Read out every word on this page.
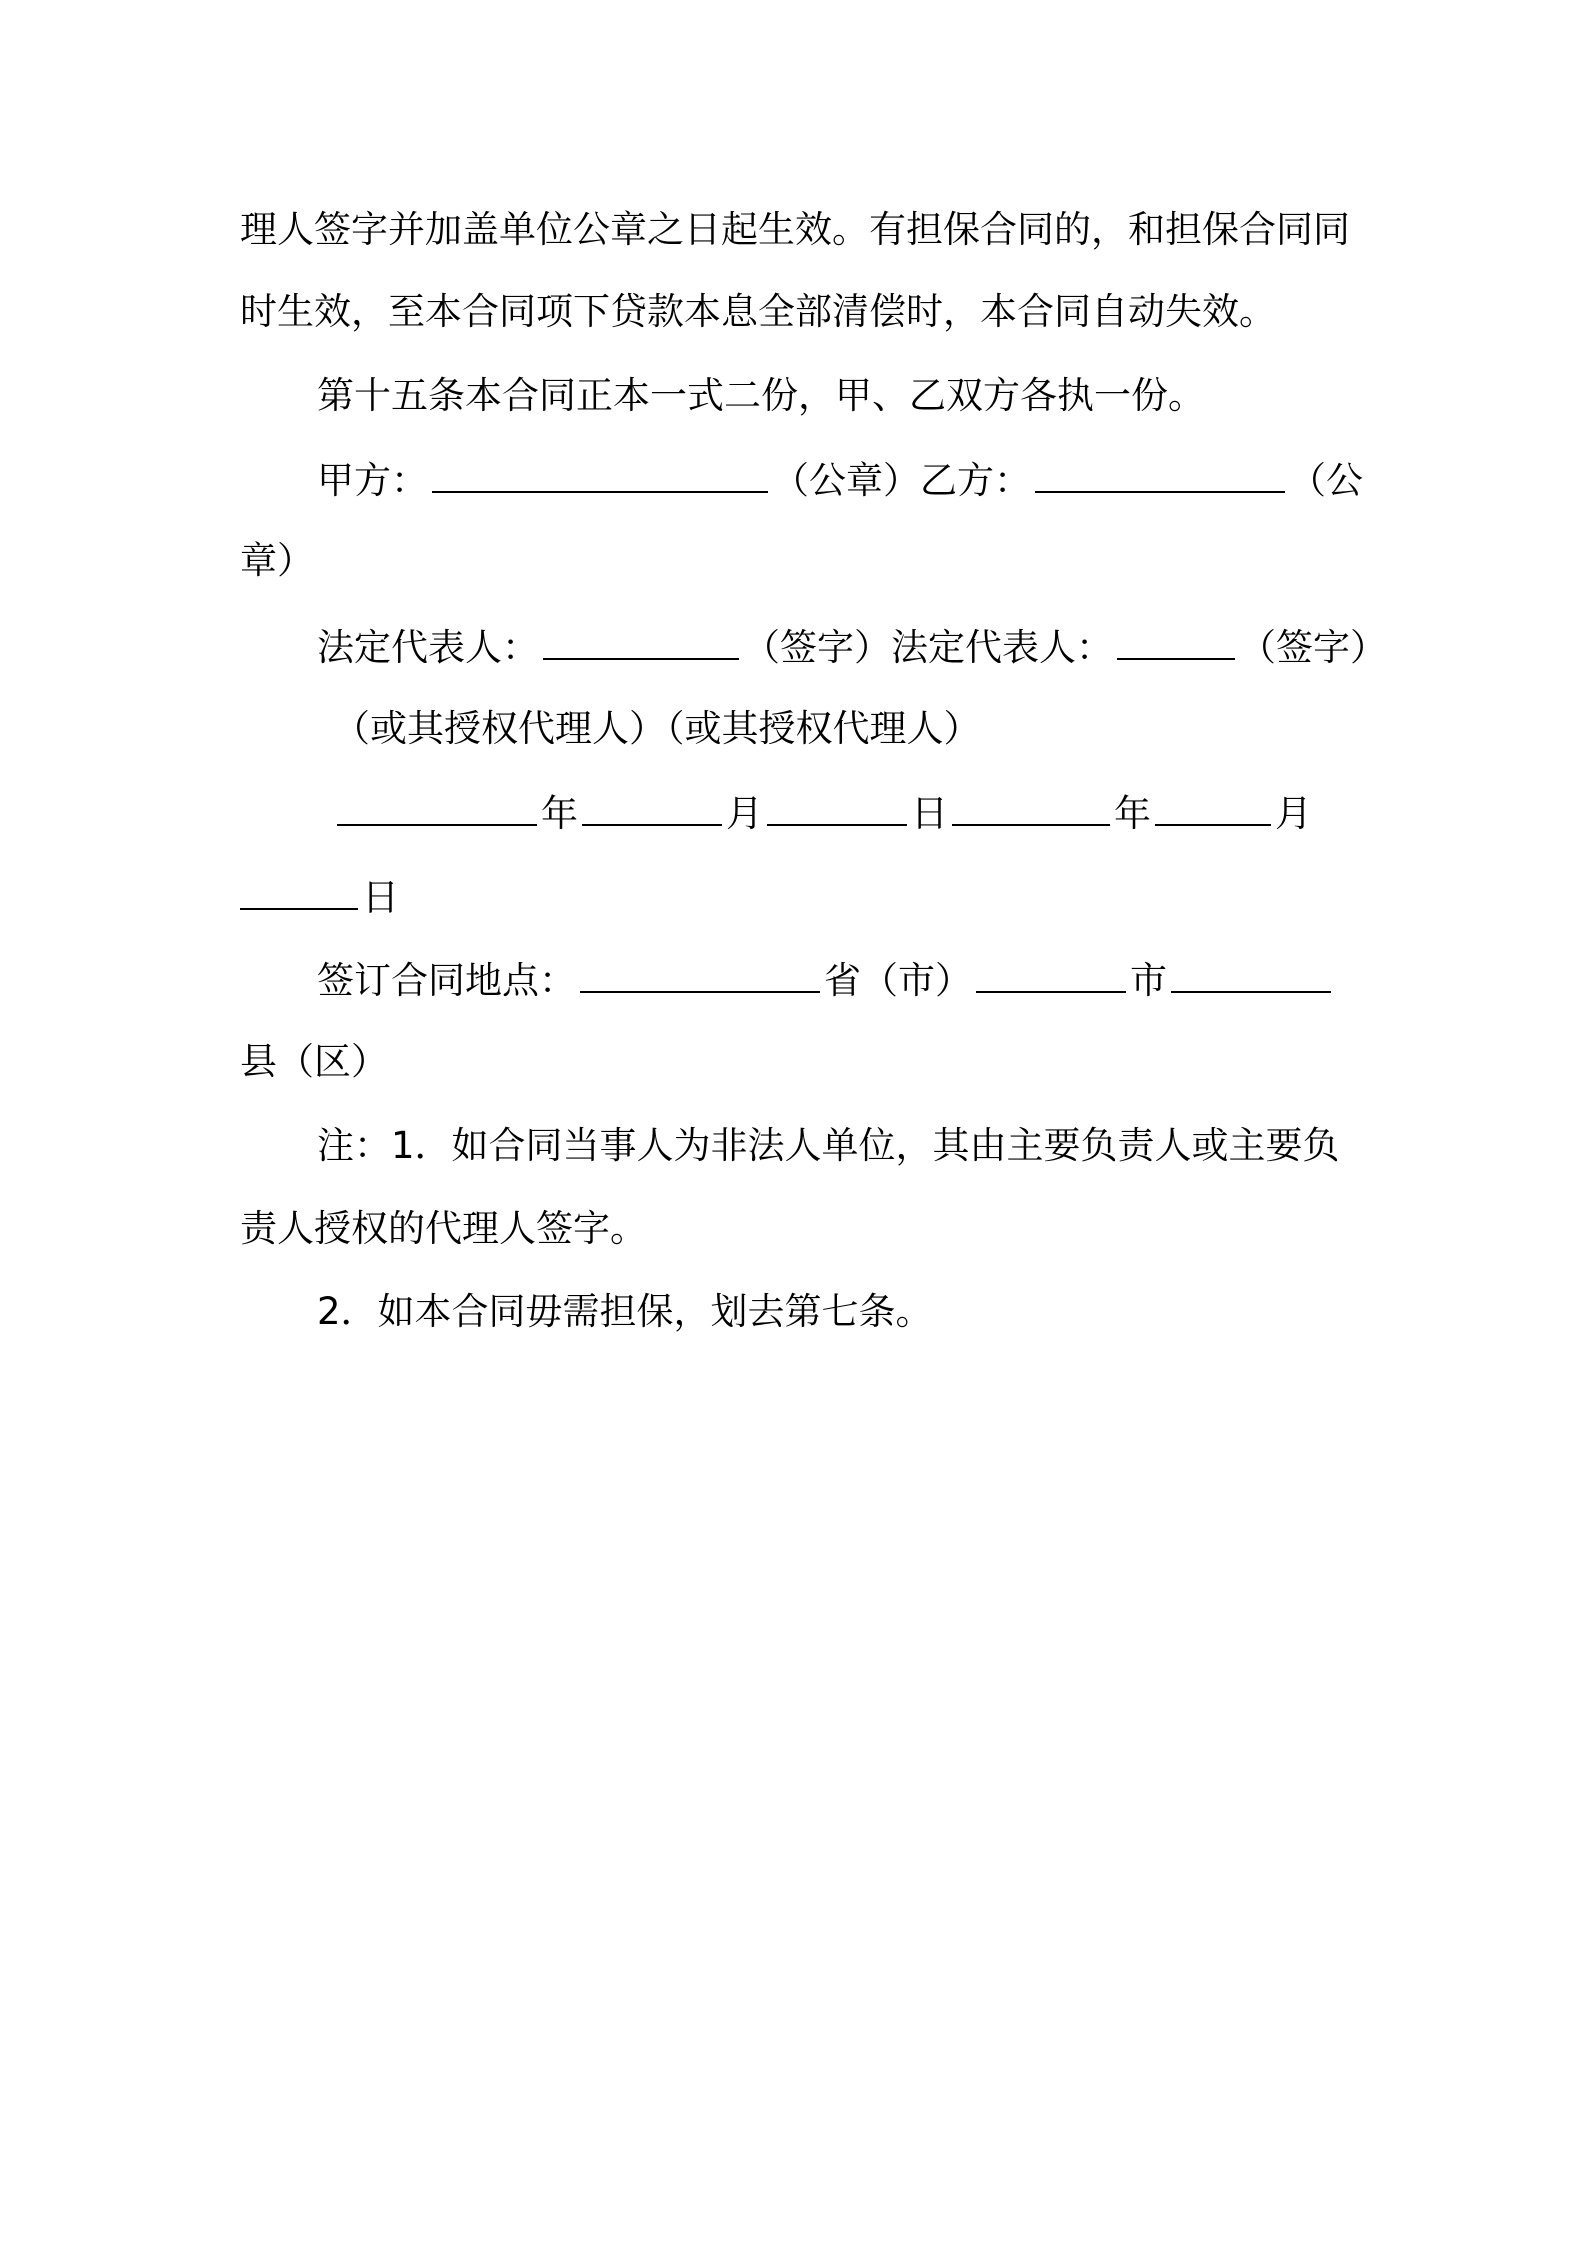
理人签字并加盖单位公章之日起生效。有担保合同的，和担保合同同
时生效，至本合同项下贷款本息全部清偿时，本合同自动失效。
第十五条本合同正本一式二份，甲、乙双方各执一份。
甲方：	（公章）乙方：	（公
章）
法定代表人：	（签字）法定代表人：	（签字）
（或其授权代理人）（或其授权代理人）
年	月	日	年	月
日
签订合同地点：	省（市）	市
县（区）
注：1．如合同当事人为非法人单位，其由主要负责人或主要负
责人授权的代理人签字。
2．如本合同毋需担保，划去第七条。
